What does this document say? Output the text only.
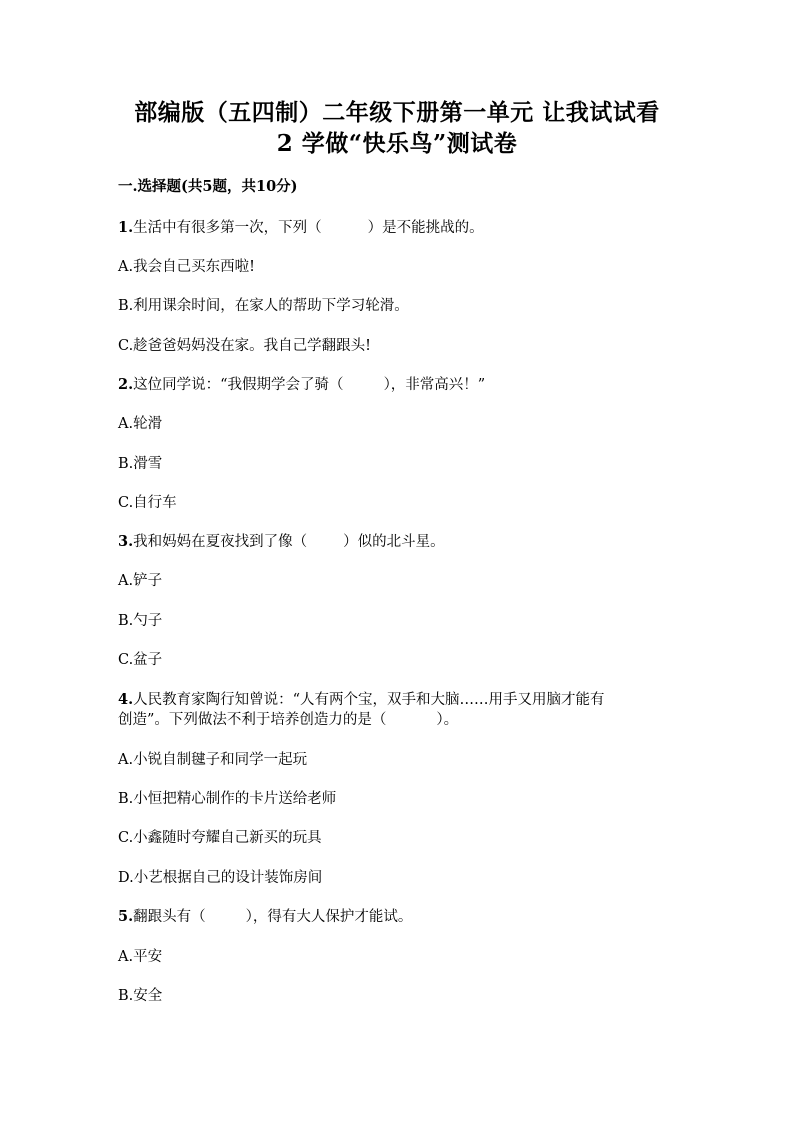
部编版（五四制）二年级下册第一单元 让我试试看
2 学做“快乐鸟”测试卷
一.选择题(共5题，共10分)
1.生活中有很多第一次，下列（	）是不能挑战的。
A.我会自己买东西啦!
B.利用课余时间，在家人的帮助下学习轮滑。
C.趁爸爸妈妈没在家。我自己学翻跟头!
2.这位同学说：“我假期学会了骑（	），非常高兴！”
A.轮滑
B.滑雪
C.自行车
3.我和妈妈在夏夜找到了像（ ）似的北斗星。
A.铲子
B.勺子
C.盆子
4.人民教育家陶行知曾说：“人有两个宝，双手和大脑……用手又用脑才能有
创造”。下列做法不利于培养创造力的是（	）。
A.小锐自制毽子和同学一起玩
B.小恒把精心制作的卡片送给老师
C.小鑫随时夸耀自己新买的玩具
D.小艺根据自己的设计装饰房间
5.翻跟头有（	），得有大人保护才能试。
A.平安
B.安全
